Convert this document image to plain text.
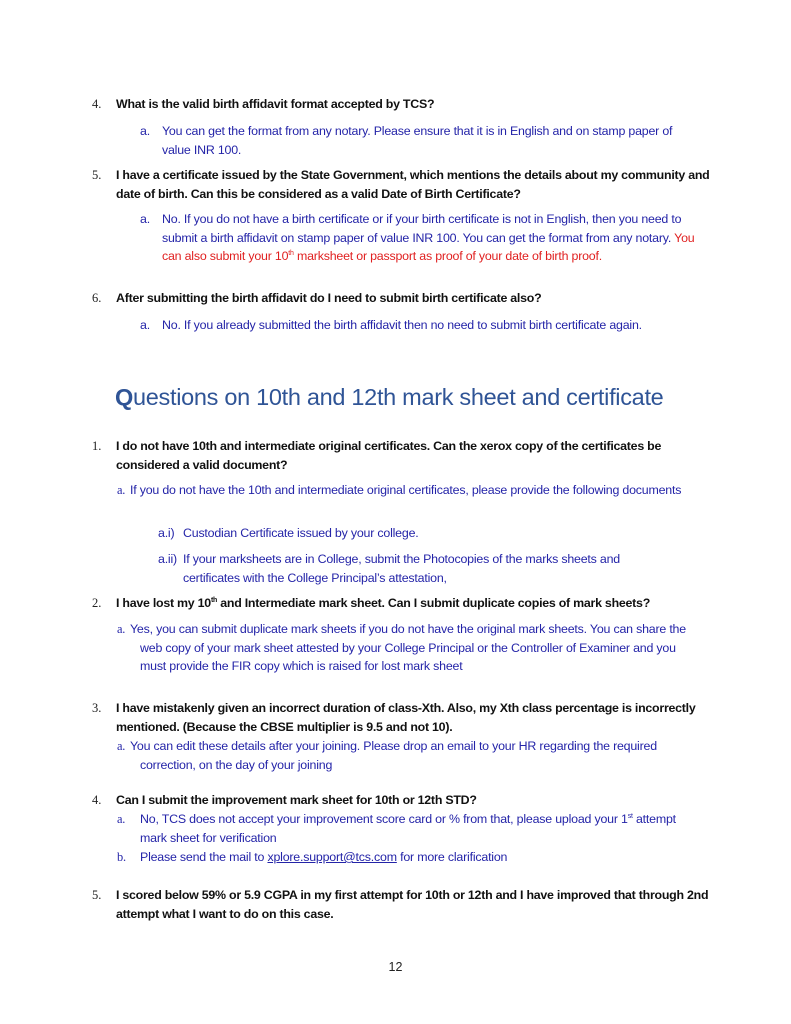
4. What is the valid birth affidavit format accepted by TCS?
a. You can get the format from any notary. Please ensure that it is in English and on stamp paper of value INR 100.
5. I have a certificate issued by the State Government, which mentions the details about my community and date of birth. Can this be considered as a valid Date of Birth Certificate?
a. No. If you do not have a birth certificate or if your birth certificate is not in English, then you need to submit a birth affidavit on stamp paper of value INR 100. You can get the format from any notary. You can also submit your 10th marksheet or passport as proof of your date of birth proof.
6. After submitting the birth affidavit do I need to submit birth certificate also?
a. No. If you already submitted the birth affidavit then no need to submit birth certificate again.
Questions on 10th and 12th mark sheet and certificate
1. I do not have 10th and intermediate original certificates. Can the xerox copy of the certificates be considered a valid document?
a. If you do not have the 10th and intermediate original certificates, please provide the following documents
a.i) Custodian Certificate issued by your college.
a.ii) If your marksheets are in College, submit the Photocopies of the marks sheets and certificates with the College Principal’s attestation,
2. I have lost my 10th and Intermediate mark sheet. Can I submit duplicate copies of mark sheets?
a. Yes, you can submit duplicate mark sheets if you do not have the original mark sheets. You can share the web copy of your mark sheet attested by your College Principal or the Controller of Examiner and you must provide the FIR copy which is raised for lost mark sheet
3. I have mistakenly given an incorrect duration of class-Xth. Also, my Xth class percentage is incorrectly mentioned. (Because the CBSE multiplier is 9.5 and not 10).
a. You can edit these details after your joining. Please drop an email to your HR regarding the required correction, on the day of your joining
4. Can I submit the improvement mark sheet for 10th or 12th STD?
a. No, TCS does not accept your improvement score card or % from that, please upload your 1st attempt mark sheet for verification
b. Please send the mail to xplore.support@tcs.com for more clarification
5. I scored below 59% or 5.9 CGPA in my first attempt for 10th or 12th and I have improved that through 2nd attempt what I want to do on this case.
12
